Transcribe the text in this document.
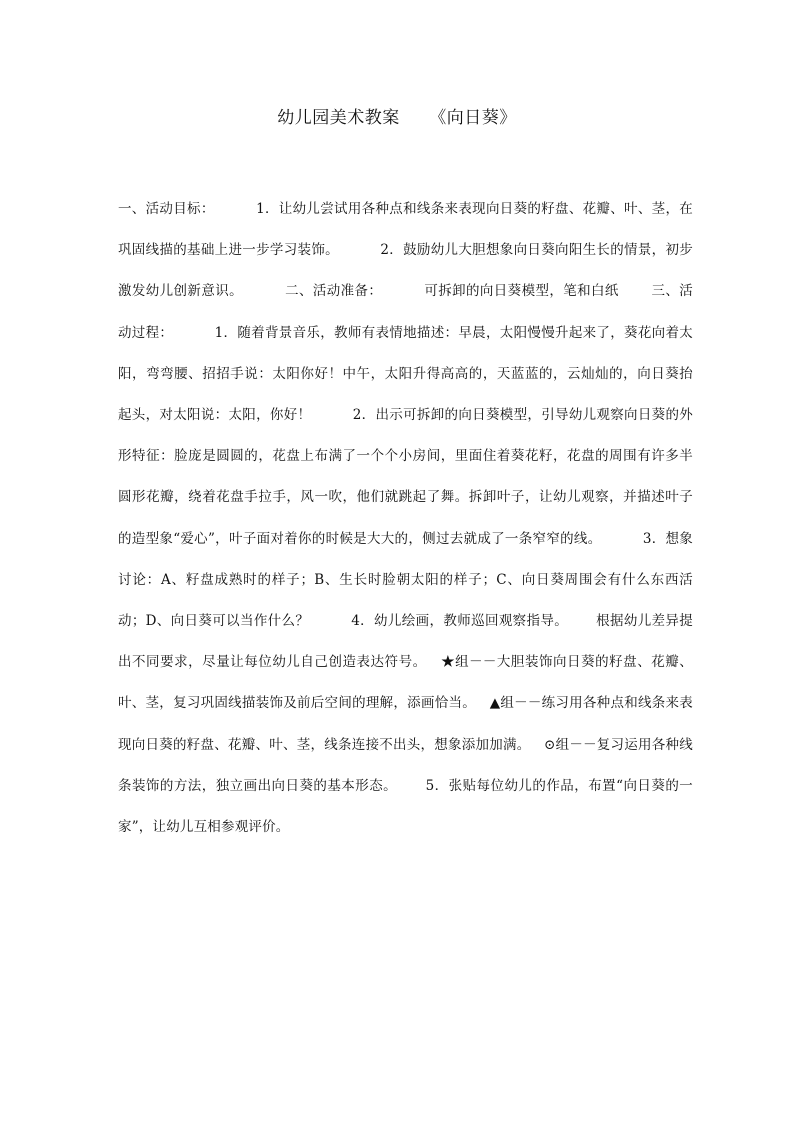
幼儿园美术教案     《向日葵》
一、活动目标：         1．让幼儿尝试用各种点和线条来表现向日葵的籽盘、花瓣、叶、茎，在巩固线描的基础上进一步学习装饰。         2．鼓励幼儿大胆想象向日葵向阳生长的情景，初步激发幼儿创新意识。         二、活动准备：         可拆卸的向日葵模型，笔和白纸       三、活动过程：         1．随着背景音乐，教师有表情地描述：早晨，太阳慢慢升起来了，葵花向着太阳，弯弯腰、招招手说：太阳你好！中午，太阳升得高高的，天蓝蓝的，云灿灿的，向日葵抬起头，对太阳说：太阳，你好！         2．出示可拆卸的向日葵模型，引导幼儿观察向日葵的外形特征：脸庞是圆圆的，花盘上布满了一个个小房间，里面住着葵花籽，花盘的周围有许多半圆形花瓣，绕着花盘手拉手，风一吹，他们就跳起了舞。拆卸叶子，让幼儿观察，并描述叶子的造型象“爱心”，叶子面对着你的时候是大大的，侧过去就成了一条窄窄的线。         3．想象讨论：A、籽盘成熟时的样子；B、生长时脸朝太阳的样子；C、向日葵周围会有什么东西活动；D、向日葵可以当作什么？         4．幼儿绘画，教师巡回观察指导。      根据幼儿差异提出不同要求，尽量让每位幼儿自己创造表达符号。   ★组－－大胆装饰向日葵的籽盘、花瓣、叶、茎，复习巩固线描装饰及前后空间的理解，添画恰当。   ▲组－－练习用各种点和线条来表现向日葵的籽盘、花瓣、叶、茎，线条连接不出头，想象添加加满。   ⊙组－－复习运用各种线条装饰的方法，独立画出向日葵的基本形态。      5．张贴每位幼儿的作品，布置“向日葵的一家”，让幼儿互相参观评价。
